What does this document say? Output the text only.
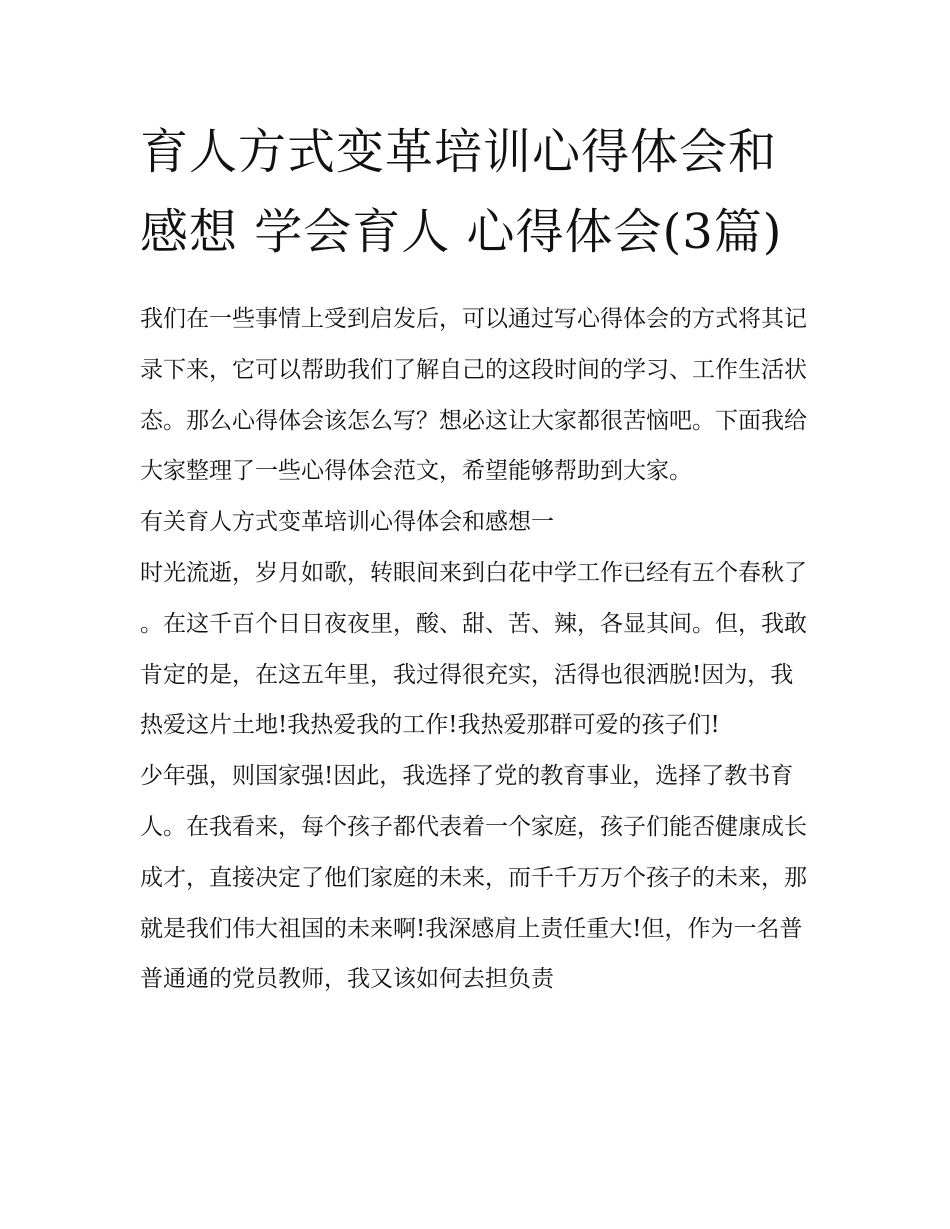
育人方式变革培训心得体会和感想 学会育人 心得体会(3篇)

我们在一些事情上受到启发后，可以通过写心得体会的方式将其记录下来，它可以帮助我们了解自己的这段时间的学习、工作生活状态。那么心得体会该怎么写？想必这让大家都很苦恼吧。下面我给大家整理了一些心得体会范文，希望能够帮助到大家。

有关育人方式变革培训心得体会和感想一

时光流逝，岁月如歌，转眼间来到白花中学工作已经有五个春秋了。在这千百个日日夜夜里，酸、甜、苦、辣，各显其间。但，我敢肯定的是，在这五年里，我过得很充实，活得也很洒脱!因为，我热爱这片土地!我热爱我的工作!我热爱那群可爱的孩子们!

少年强，则国家强!因此，我选择了党的教育事业，选择了教书育人。在我看来，每个孩子都代表着一个家庭，孩子们能否健康成长成才，直接决定了他们家庭的未来，而千千万万个孩子的未来，那就是我们伟大祖国的未来啊!我深感肩上责任重大!但，作为一名普普通通的党员教师，我又该如何去担负责
